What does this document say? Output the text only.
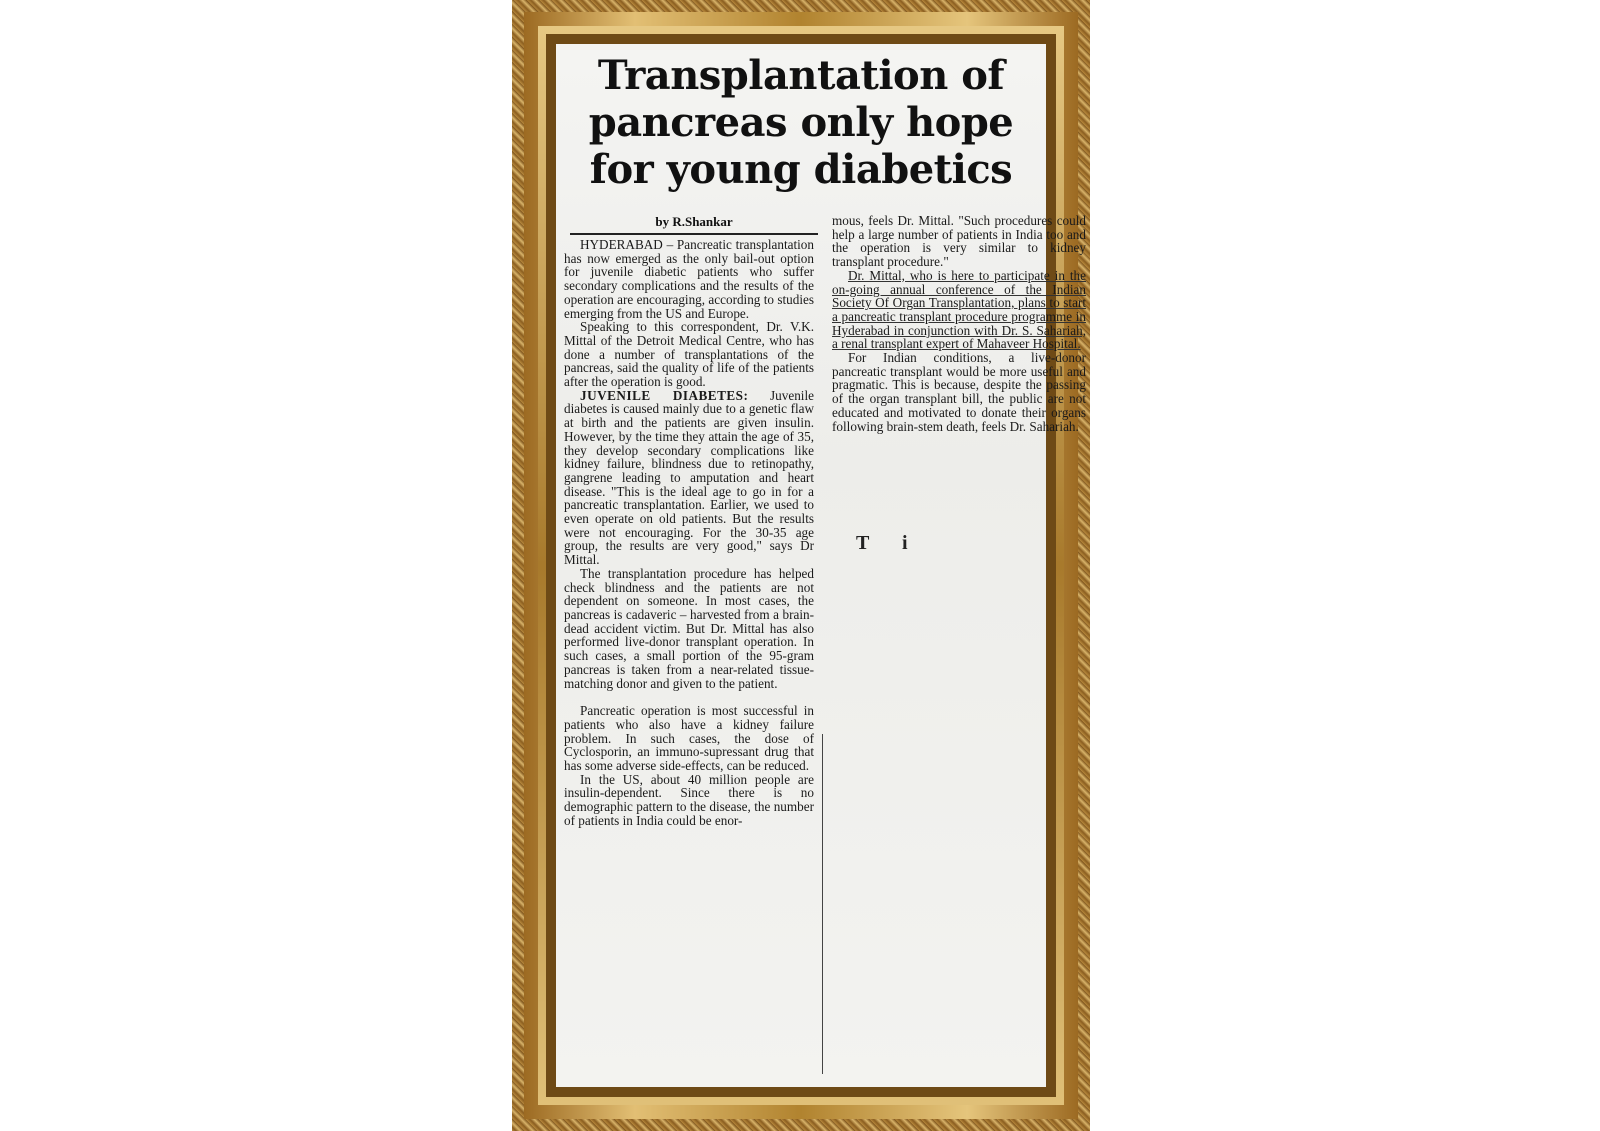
Transplantation of
pancreas only hope
for young diabetics
by R.Shankar

HYDERABAD – Pancreatic transplantation has now emerged as the only bail-out option for juvenile diabetic patients who suffer secondary complications and the results of the operation are encouraging, according to studies emerging from the US and Europe.

Speaking to this correspondent, Dr. V.K. Mittal of the Detroit Medical Centre, who has done a number of transplantations of the pancreas, said the quality of life of the patients after the operation is good.

JUVENILE DIABETES: Juvenile diabetes is caused mainly due to a genetic flaw at birth and the patients are given insulin. However, by the time they attain the age of 35, they develop secondary complications like kidney failure, blindness due to retinopathy, gangrene leading to amputation and heart disease. "This is the ideal age to go in for a pancreatic transplantation. Earlier, we used to even operate on old patients. But the results were not encouraging. For the 30-35 age group, the results are very good," says Dr Mittal.

The transplantation procedure has helped check blindness and the patients are not dependent on someone. In most cases, the pancreas is cadaveric – harvested from a brain-dead accident victim. But Dr. Mittal has also performed live-donor transplant operation. In such cases, a small portion of the 95-gram pancreas is taken from a near-related tissue-matching donor and given to the patient.

Pancreatic operation is most successful in patients who also have a kidney failure problem. In such cases, the dose of Cyclosporin, an immuno-supressant drug that has some adverse side-effects, can be reduced.

In the US, about 40 million people are insulin-dependent. Since there is no demographic pattern to the disease, the number of patients in India could be enor-

mous, feels Dr. Mittal. "Such procedures could help a large number of patients in India too and the operation is very similar to kidney transplant procedure."

Dr. Mittal, who is here to participate in the on-going annual conference of the Indian Society Of Organ Transplantation, plans to start a pancreatic transplant procedure programme in Hyderabad in conjunction with Dr. S. Sahariah, a renal transplant expert of Mahaveer Hospital.

For Indian conditions, a live-donor pancreatic transplant would be more useful and pragmatic. This is because, despite the passing of the organ transplant bill, the public are not educated and motivated to donate their organs following brain-stem death, feels Dr. Sahariah.

T i
